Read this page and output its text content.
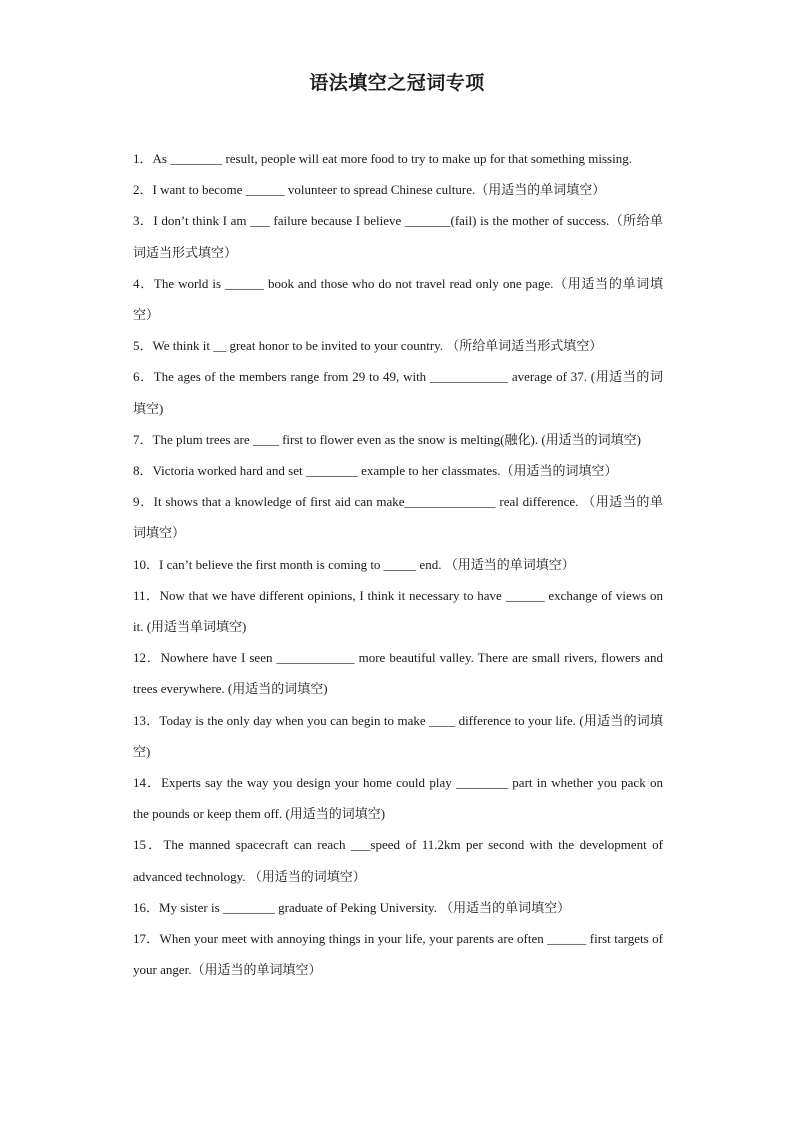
语法填空之冠词专项

1．As ________ result, people will eat more food to try to make up for that something missing.

2．I want to become ______ volunteer to spread Chinese culture.（用适当的单词填空）

3．I don’t think I am ___ failure because I believe _______(fail) is the mother of success.（所给单词适当形式填空）

4．The world is ______ book and those who do not travel read only one page.（用适当的单词填空）

5．We think it __ great honor to be invited to your country. （所给单词适当形式填空）

6．The ages of the members range from 29 to 49, with ____________ average of 37. (用适当的词填空)

7．The plum trees are ____ first to flower even as the snow is melting(融化). (用适当的词填空)

8．Victoria worked hard and set ________ example to her classmates.（用适当的词填空）

9．It shows that a knowledge of first aid can make______________ real difference. （用适当的单词填空）

10．I can’t believe the first month is coming to _____ end. （用适当的单词填空）

11．Now that we have different opinions, I think it necessary to have ______ exchange of views on it. (用适当单词填空)

12．Nowhere have I seen ____________ more beautiful valley. There are small rivers, flowers and trees everywhere. (用适当的词填空)

13．Today is the only day when you can begin to make ____ difference to your life. (用适当的词填空)

14．Experts say the way you design your home could play ________ part in whether you pack on the pounds or keep them off. (用适当的词填空)

15．The manned spacecraft can reach ___speed of 11.2km per second with the development of advanced technology. （用适当的词填空）

16．My sister is ________ graduate of Peking University. （用适当的单词填空）

17．When your meet with annoying things in your life, your parents are often ______ first targets of your anger.（用适当的单词填空）
